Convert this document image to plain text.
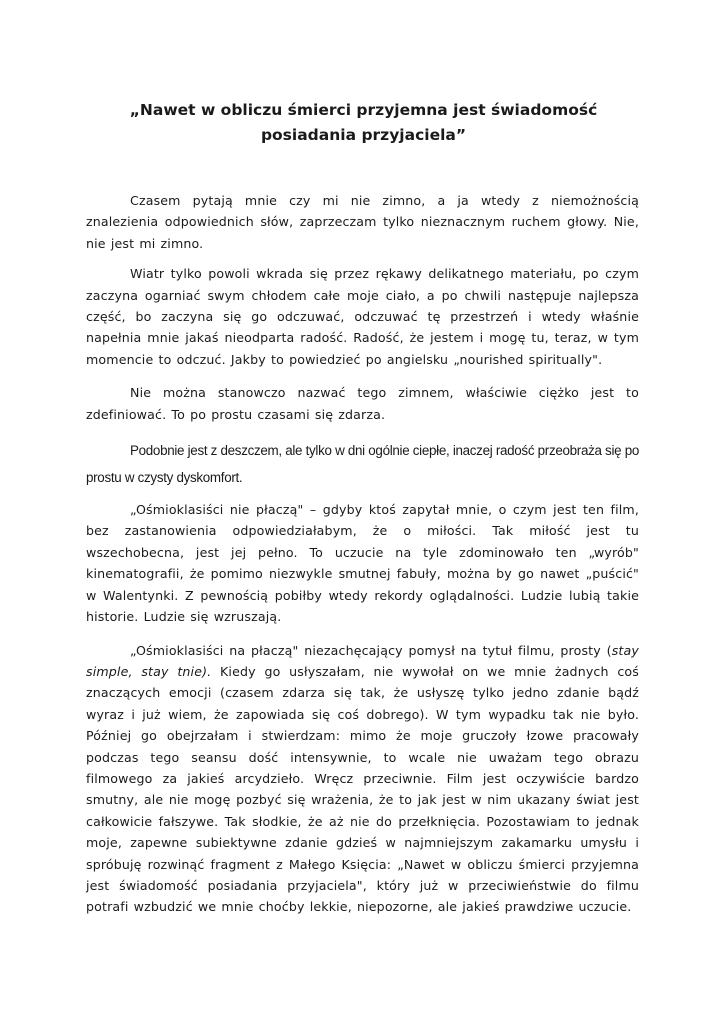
„Nawet w obliczu śmierci przyjemna jest świadomość
posiadania przyjaciela”

Czasem pytają mnie czy mi nie zimno, a ja wtedy z niemożnością znalezienia odpowiednich słów, zaprzeczam tylko nieznacznym ruchem głowy. Nie, nie jest mi zimno.

Wiatr tylko powoli wkrada się przez rękawy delikatnego materiału, po czym zaczyna ogarniać swym chłodem całe moje ciało, a po chwili następuje najlepsza część, bo zaczyna się go odczuwać, odczuwać tę przestrzeń i wtedy właśnie napełnia mnie jakaś nieodparta radość. Radość, że jestem i mogę tu, teraz, w tym momencie to odczuć. Jakby to powiedzieć po angielsku „nourished spiritually".

Nie można stanowczo nazwać tego zimnem, właściwie ciężko jest to zdefiniować. To po prostu czasami się zdarza.

Podobnie jest z deszczem, ale tylko w dni ogólnie ciepłe, inaczej radość przeobraża się po prostu w czysty dyskomfort.

„Ośmioklasiści nie płaczą" – gdyby ktoś zapytał mnie, o czym jest ten film, bez zastanowienia odpowiedziałabym, że o miłości. Tak miłość jest tu wszechobecna, jest jej pełno. To uczucie na tyle zdominowało ten „wyrób" kinematografii, że pomimo niezwykle smutnej fabuły, można by go nawet „puścić" w Walentynki. Z pewnością pobiłby wtedy rekordy oglądalności. Ludzie lubią takie historie. Ludzie się wzruszają.

„Ośmioklasiści na płaczą" niezachęcający pomysł na tytuł filmu, prosty (stay simple, stay tnie). Kiedy go usłyszałam, nie wywołał on we mnie żadnych coś znaczących emocji (czasem zdarza się tak, że usłyszę tylko jedno zdanie bądź wyraz i już wiem, że zapowiada się coś dobrego). W tym wypadku tak nie było. Później go obejrzałam i stwierdzam: mimo że moje gruczoły łzowe pracowały podczas tego seansu dość intensywnie, to wcale nie uważam tego obrazu filmowego za jakieś arcydzieło. Wręcz przeciwnie. Film jest oczywiście bardzo smutny, ale nie mogę pozbyć się wrażenia, że to jak jest w nim ukazany świat jest całkowicie fałszywe. Tak słodkie, że aż nie do przełknięcia. Pozostawiam to jednak moje, zapewne subiektywne zdanie gdzieś w najmniejszym zakamarku umysłu i spróbuję rozwinąć fragment z Małego Księcia: „Nawet w obliczu śmierci przyjemna jest świadomość posiadania przyjaciela", który już w przeciwieństwie do filmu potrafi wzbudzić we mnie choćby lekkie, niepozorne, ale jakieś prawdziwe uczucie.
